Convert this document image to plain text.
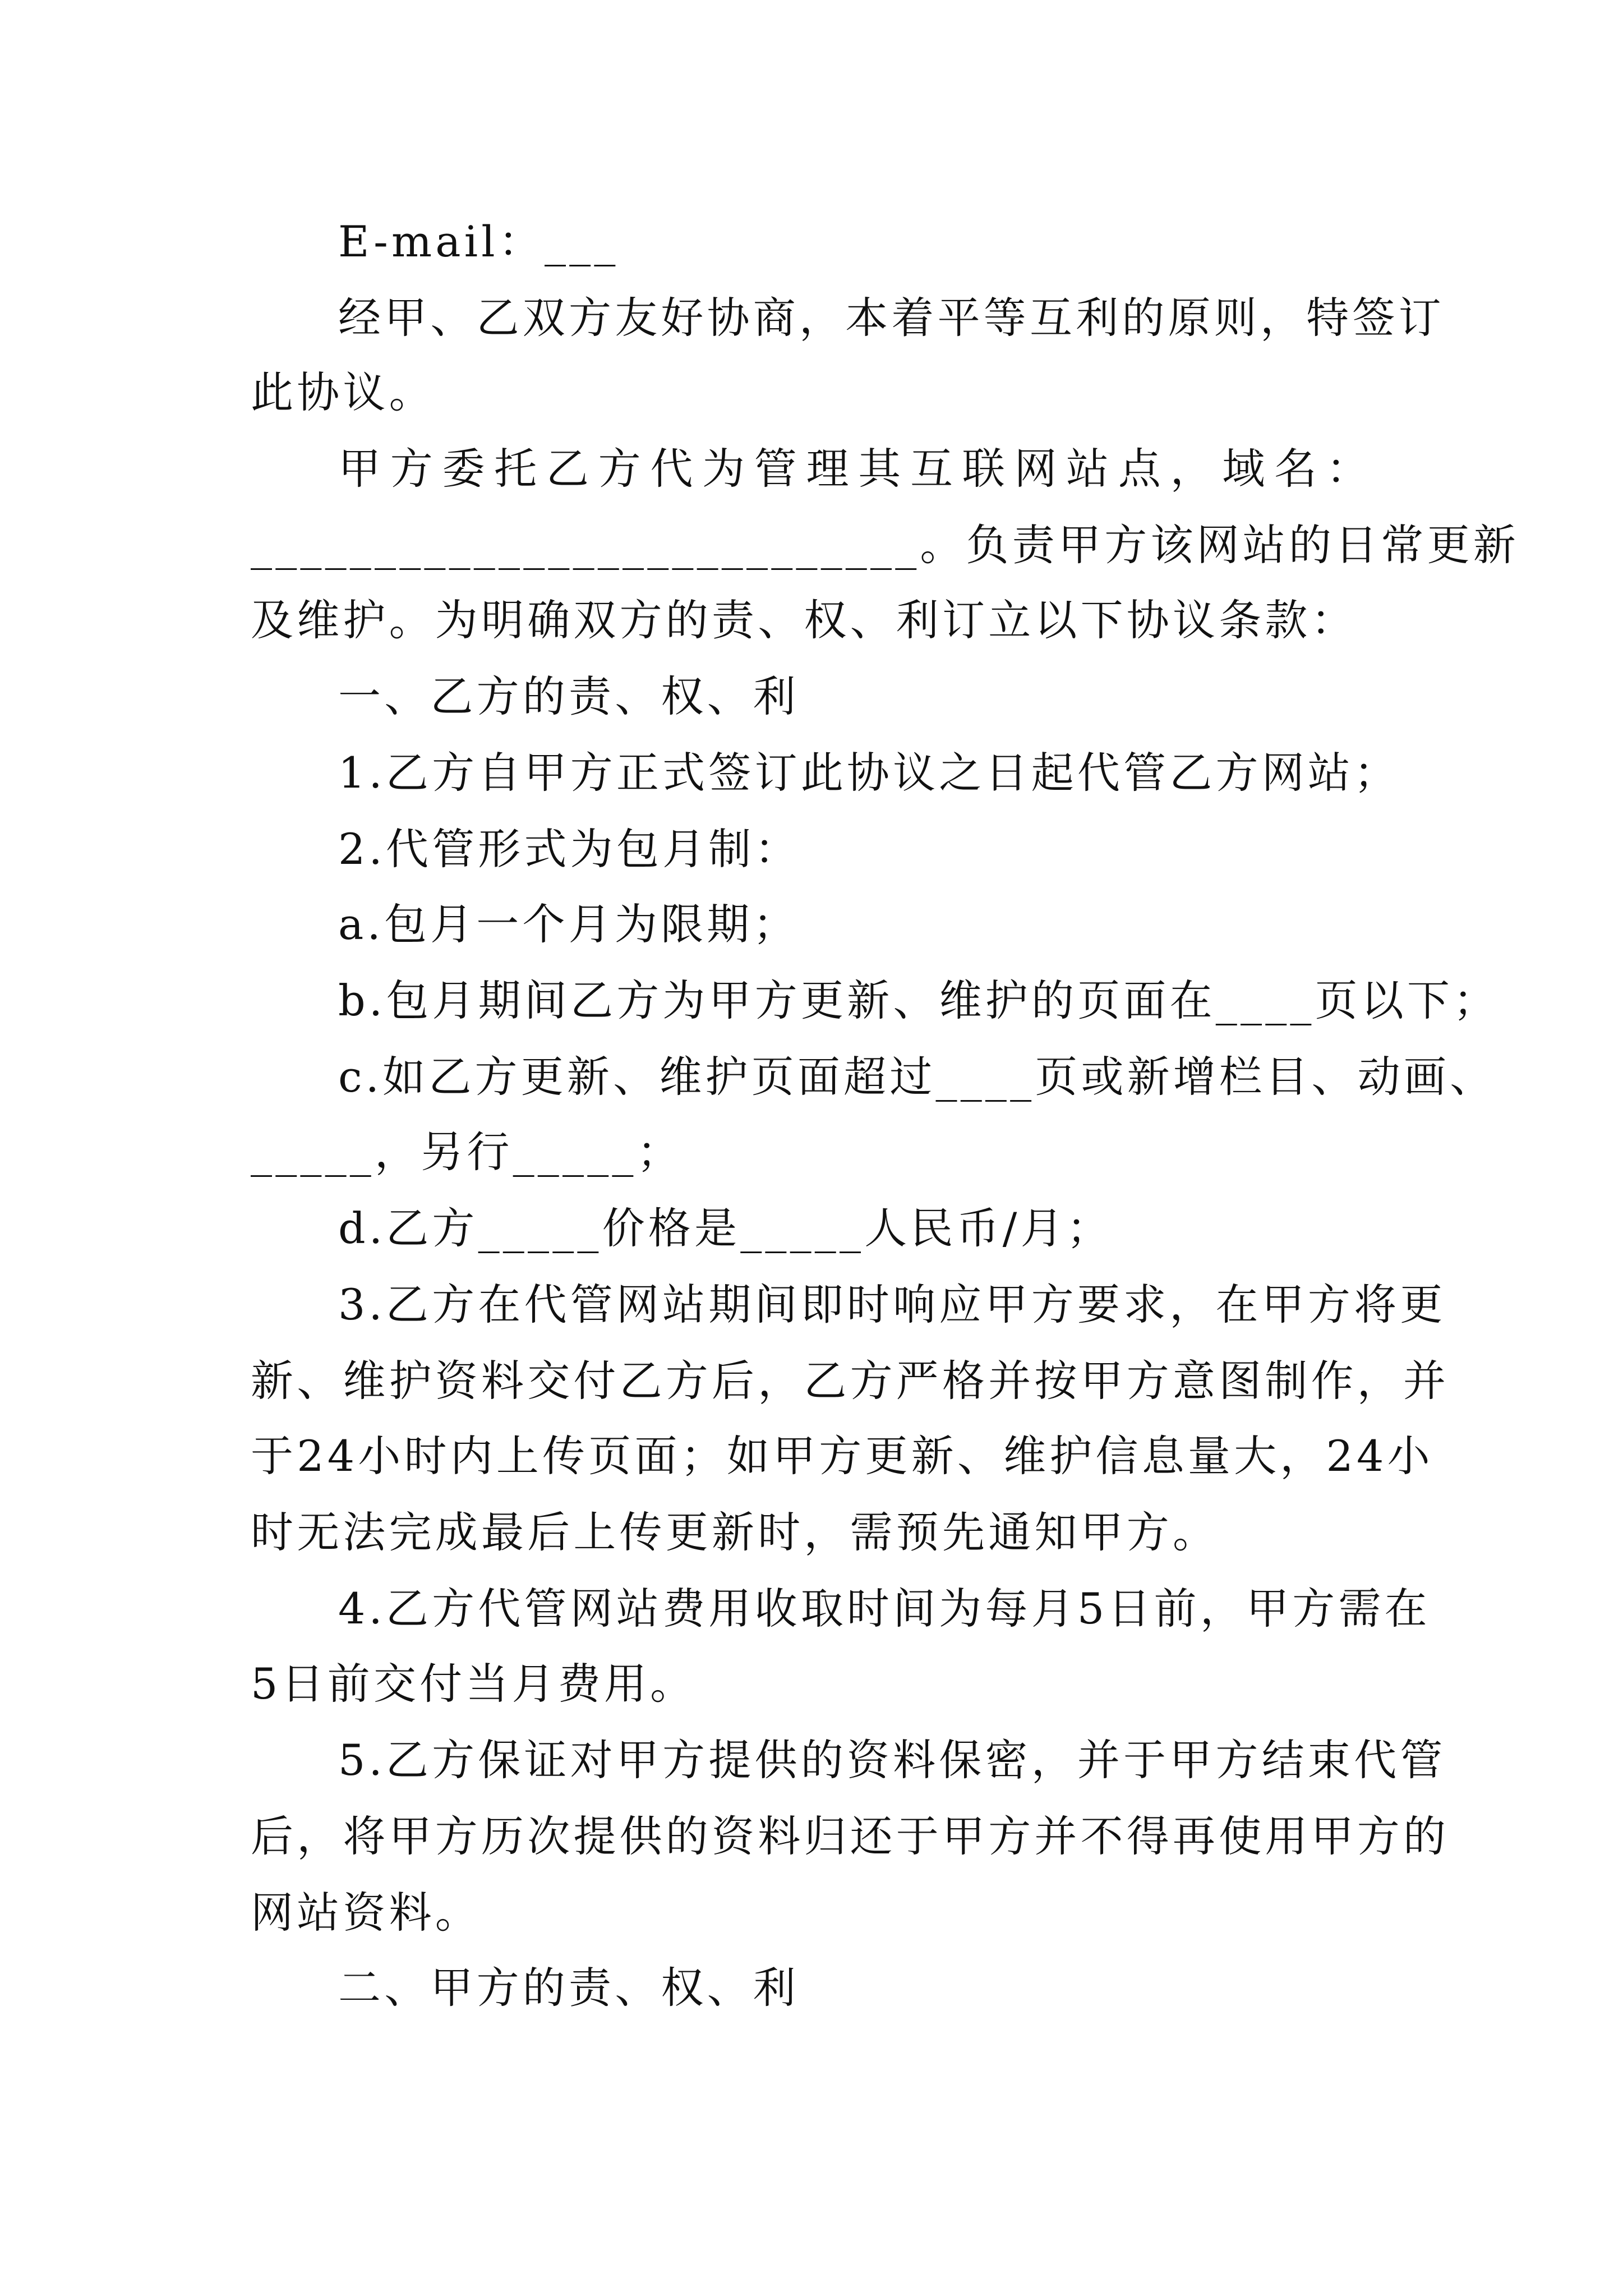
E-mail：___
经甲、乙双方友好协商，本着平等互利的原则，特签订
此协议。
甲方委托乙方代为管理其互联网站点，域名：
___________________________。负责甲方该网站的日常更新
及维护。为明确双方的责、权、利订立以下协议条款：
一、乙方的责、权、利
1.乙方自甲方正式签订此协议之日起代管乙方网站；
2.代管形式为包月制：
a.包月一个月为限期；
b.包月期间乙方为甲方更新、维护的页面在____页以下；
c.如乙方更新、维护页面超过____页或新增栏目、动画、
_____，另行_____；
d.乙方_____价格是_____人民币/月；
3.乙方在代管网站期间即时响应甲方要求，在甲方将更
新、维护资料交付乙方后，乙方严格并按甲方意图制作，并
于24小时内上传页面；如甲方更新、维护信息量大，24小
时无法完成最后上传更新时，需预先通知甲方。
4.乙方代管网站费用收取时间为每月5日前，甲方需在
5日前交付当月费用。
5.乙方保证对甲方提供的资料保密，并于甲方结束代管
后，将甲方历次提供的资料归还于甲方并不得再使用甲方的
网站资料。
二、甲方的责、权、利
